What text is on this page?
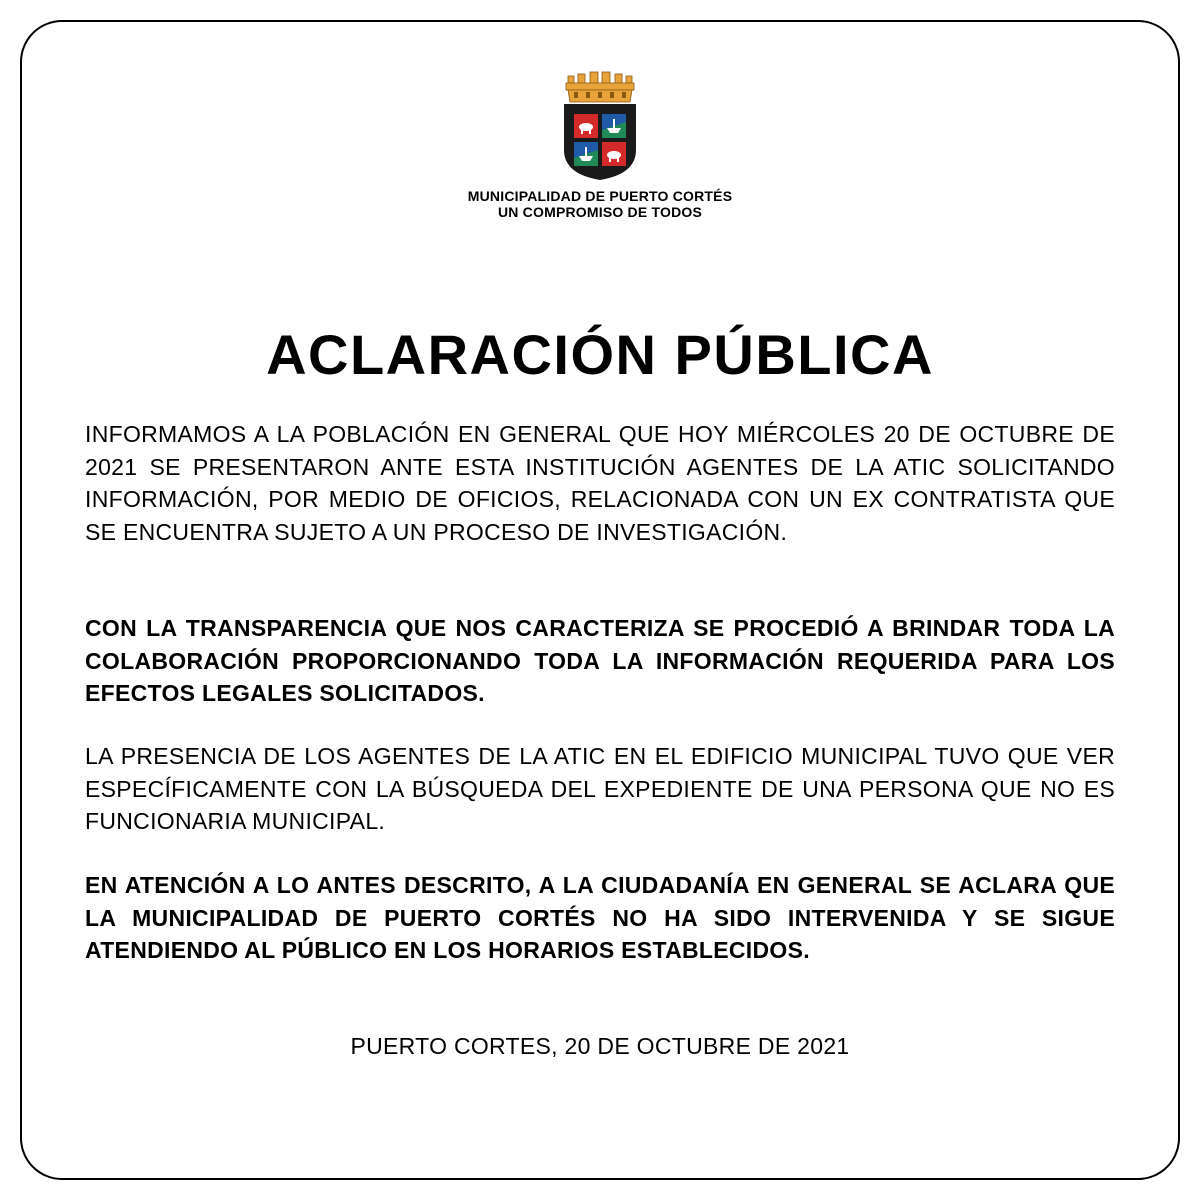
MUNICIPALIDAD DE PUERTO CORTÉS
UN COMPROMISO DE TODOS
ACLARACIÓN PÚBLICA
INFORMAMOS A LA POBLACIÓN EN GENERAL QUE HOY MIÉRCOLES 20 DE OCTUBRE DE 2021 SE PRESENTARON ANTE ESTA INSTITUCIÓN AGENTES DE LA ATIC SOLICITANDO INFORMACIÓN, POR MEDIO DE OFICIOS, RELACIONADA CON UN EX CONTRATISTA QUE SE ENCUENTRA SUJETO A UN PROCESO DE INVESTIGACIÓN.
CON LA TRANSPARENCIA QUE NOS CARACTERIZA SE PROCEDIÓ A BRINDAR TODA LA COLABORACIÓN PROPORCIONANDO TODA LA INFORMACIÓN REQUERIDA PARA LOS EFECTOS LEGALES SOLICITADOS.
LA PRESENCIA DE LOS AGENTES DE LA ATIC EN EL EDIFICIO MUNICIPAL TUVO QUE VER ESPECÍFICAMENTE CON LA BÚSQUEDA DEL EXPEDIENTE DE UNA PERSONA QUE NO ES FUNCIONARIA MUNICIPAL.
EN ATENCIÓN A LO ANTES DESCRITO, A LA CIUDADANÍA EN GENERAL SE ACLARA QUE LA MUNICIPALIDAD DE PUERTO CORTÉS NO HA SIDO INTERVENIDA Y SE SIGUE ATENDIENDO AL PÚBLICO EN LOS HORARIOS ESTABLECIDOS.
PUERTO CORTES, 20 DE OCTUBRE DE 2021
